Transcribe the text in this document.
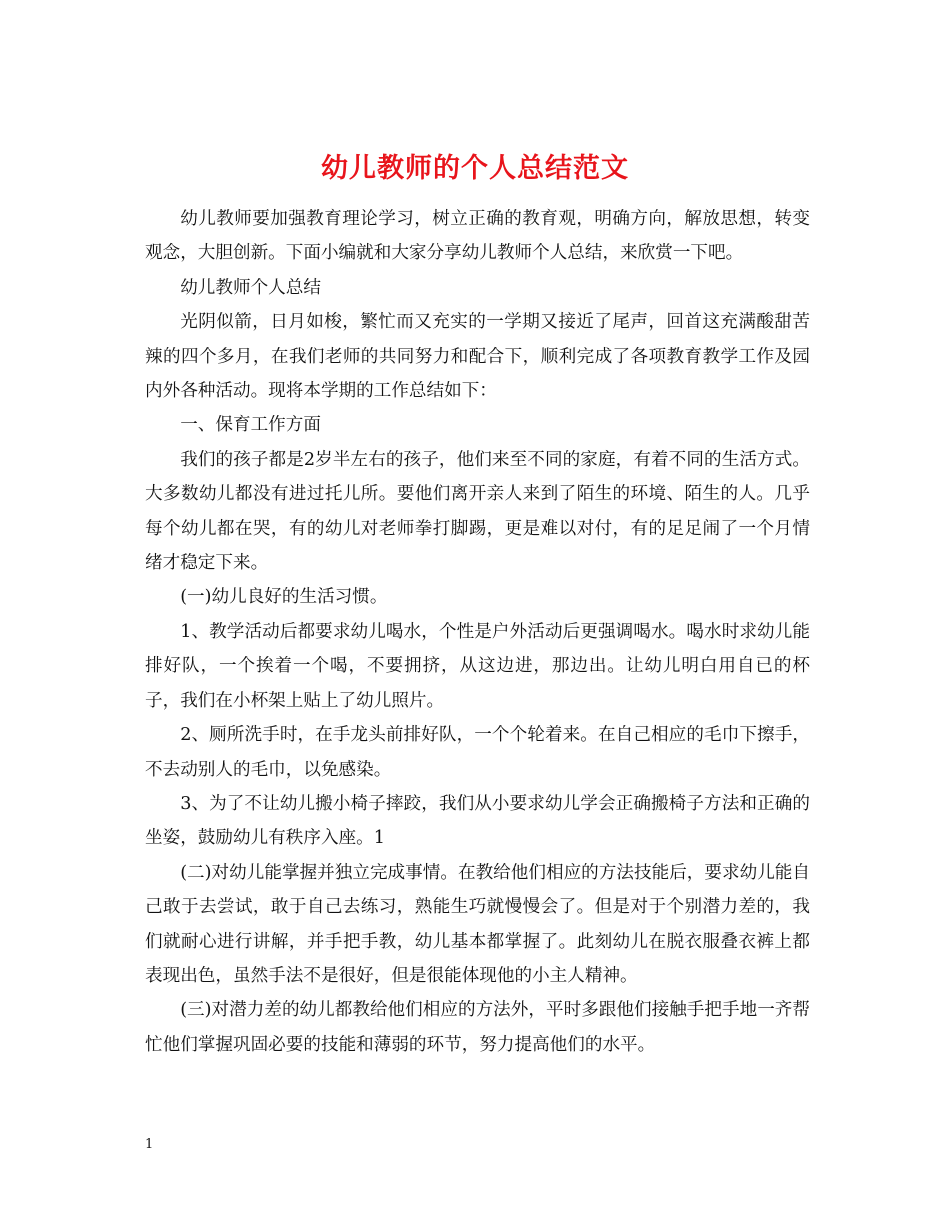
幼儿教师的个人总结范文

幼儿教师要加强教育理论学习，树立正确的教育观，明确方向，解放思想，转变观念，大胆创新。下面小编就和大家分享幼儿教师个人总结，来欣赏一下吧。

幼儿教师个人总结

光阴似箭，日月如梭，繁忙而又充实的一学期又接近了尾声，回首这充满酸甜苦辣的四个多月，在我们老师的共同努力和配合下，顺利完成了各项教育教学工作及园内外各种活动。现将本学期的工作总结如下：

一、保育工作方面

我们的孩子都是2岁半左右的孩子，他们来至不同的家庭，有着不同的生活方式。大多数幼儿都没有进过托儿所。要他们离开亲人来到了陌生的环境、陌生的人。几乎每个幼儿都在哭，有的幼儿对老师拳打脚踢，更是难以对付，有的足足闹了一个月情绪才稳定下来。

(一)幼儿良好的生活习惯。

1、教学活动后都要求幼儿喝水，个性是户外活动后更强调喝水。喝水时求幼儿能排好队，一个挨着一个喝，不要拥挤，从这边进，那边出。让幼儿明白用自已的杯子，我们在小杯架上贴上了幼儿照片。

2、厕所洗手时，在手龙头前排好队，一个个轮着来。在自己相应的毛巾下擦手，不去动别人的毛巾，以免感染。

3、为了不让幼儿搬小椅子摔跤，我们从小要求幼儿学会正确搬椅子方法和正确的坐姿，鼓励幼儿有秩序入座。1

(二)对幼儿能掌握并独立完成事情。在教给他们相应的方法技能后，要求幼儿能自己敢于去尝试，敢于自己去练习，熟能生巧就慢慢会了。但是对于个别潜力差的，我们就耐心进行讲解，并手把手教，幼儿基本都掌握了。此刻幼儿在脱衣服叠衣裤上都表现出色，虽然手法不是很好，但是很能体现他的小主人精神。

(三)对潜力差的幼儿都教给他们相应的方法外，平时多跟他们接触手把手地一齐帮忙他们掌握巩固必要的技能和薄弱的环节，努力提高他们的水平。

1
